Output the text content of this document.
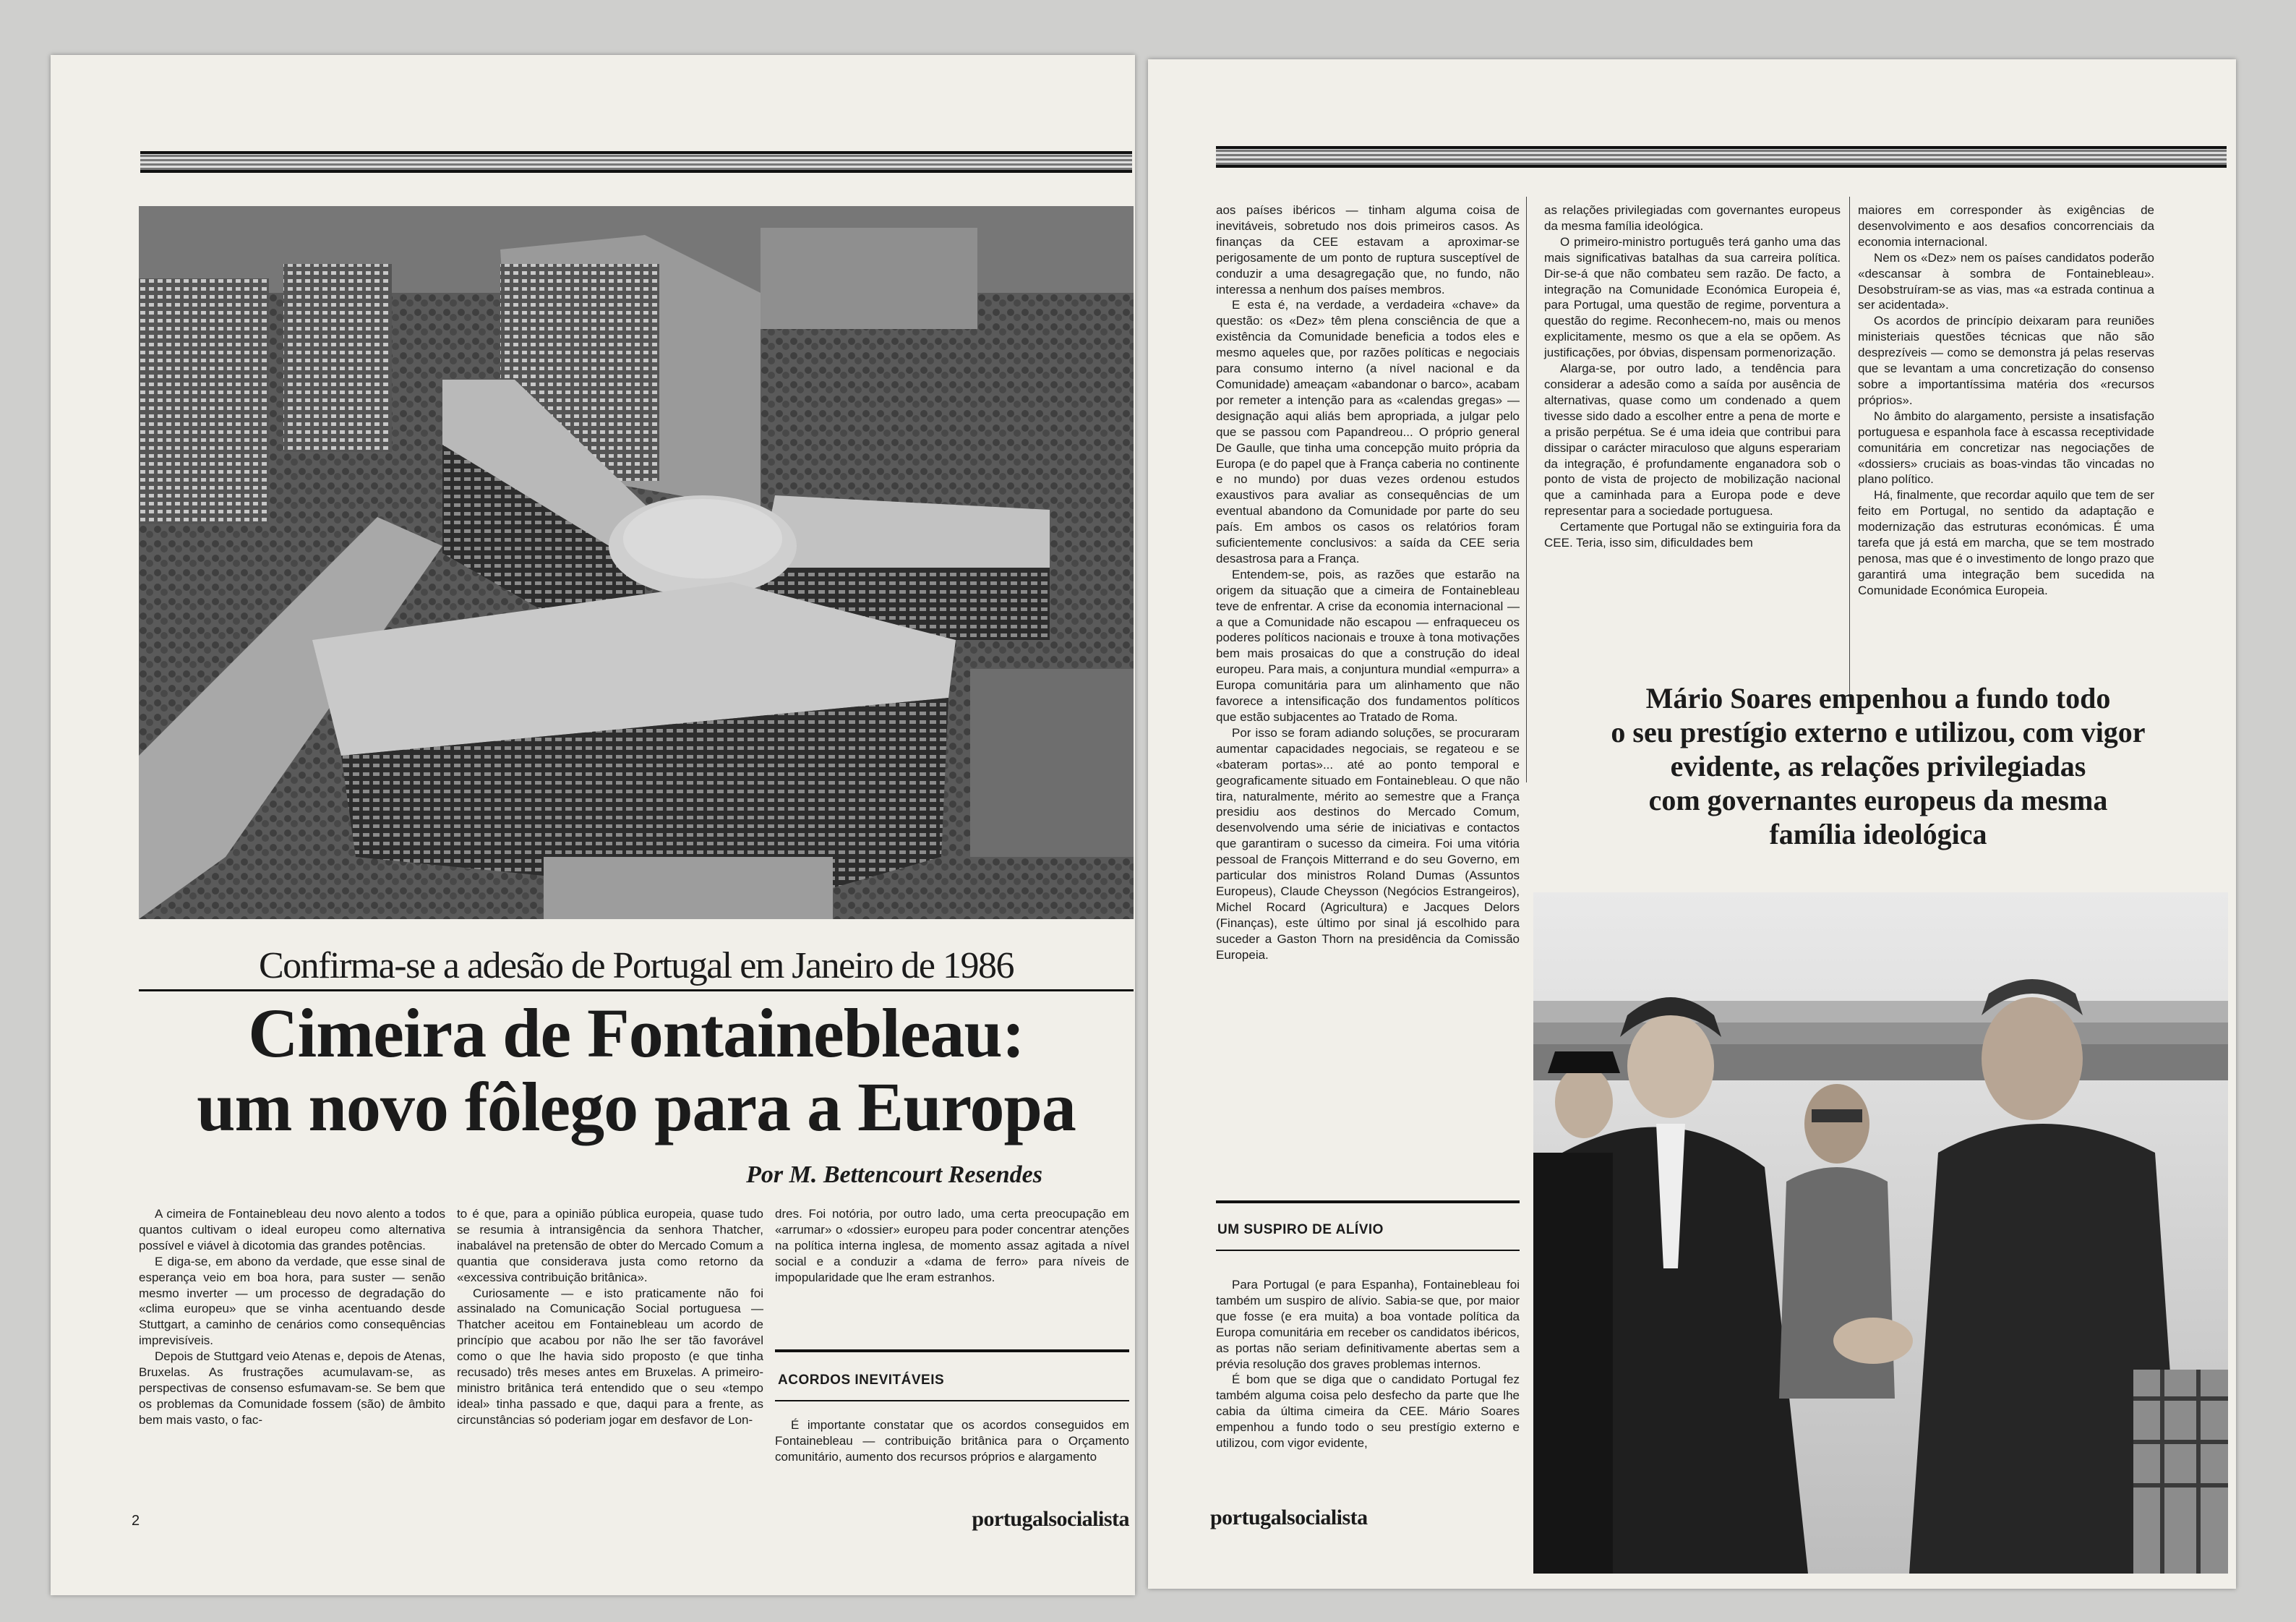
Confirma-se a adesão de Portugal em Janeiro de 1986
Cimeira de Fontainebleau:
um novo fôlego para a Europa
Por M. Bettencourt Resendes

A cimeira de Fontainebleau deu novo alento a todos quantos cultivam o ideal europeu como alternativa possível e viável à dicotomia das grandes potências.

E diga-se, em abono da verdade, que esse sinal de esperança veio em boa hora, para suster — senão mesmo inverter — um processo de degradação do «clima europeu» que se vinha acentuando desde Stuttgart, a caminho de cenários como consequências imprevisíveis.

Depois de Stuttgard veio Atenas e, depois de Atenas, Bruxelas. As frustrações acumulavam-se, as perspectivas de consenso esfumavam-se. Se bem que os problemas da Comunidade fossem (são) de âmbito bem mais vasto, o fac-

to é que, para a opinião pública europeia, quase tudo se resumia à intransigência da senhora Thatcher, inabalável na pretensão de obter do Mercado Comum a quantia que considerava justa como retorno da «excessiva contribuição britânica».

Curiosamente — e isto praticamente não foi assinalado na Comunicação Social portuguesa — Thatcher aceitou em Fontainebleau um acordo de princípio que acabou por não lhe ser tão favorável como o que lhe havia sido proposto (e que tinha recusado) três meses antes em Bruxelas. A primeiro-ministro britânica terá entendido que o seu «tempo ideal» tinha passado e que, daqui para a frente, as circunstâncias só poderiam jogar em desfavor de Lon-

dres. Foi notória, por outro lado, uma certa preocupação em «arrumar» o «dossier» europeu para poder concentrar atenções na política interna inglesa, de momento assaz agitada a nível social e a conduzir a «dama de ferro» para níveis de impopularidade que lhe eram estranhos.

ACORDOS INEVITÁVEIS

É importante constatar que os acordos conseguidos em Fontainebleau — contribuição britânica para o Orçamento comunitário, aumento dos recursos próprios e alargamento

2	portugalsocialista

aos países ibéricos — tinham alguma coisa de inevitáveis, sobretudo nos dois primeiros casos. As finanças da CEE estavam a aproximar-se perigosamente de um ponto de ruptura susceptível de conduzir a uma desagregação que, no fundo, não interessa a nenhum dos países membros.

E esta é, na verdade, a verdadeira «chave» da questão: os «Dez» têm plena consciência de que a existência da Comunidade beneficia a todos eles e mesmo aqueles que, por razões políticas e negociais para consumo interno (a nível nacional e da Comunidade) ameaçam «abandonar o barco», acabam por remeter a intenção para as «calendas gregas» — designação aqui aliás bem apropriada, a julgar pelo que se passou com Papandreou... O próprio general De Gaulle, que tinha uma concepção muito própria da Europa (e do papel que à França caberia no continente e no mundo) por duas vezes ordenou estudos exaustivos para avaliar as consequências de um eventual abandono da Comunidade por parte do seu país. Em ambos os casos os relatórios foram suficientemente conclusivos: a saída da CEE seria desastrosa para a França.

Entendem-se, pois, as razões que estarão na origem da situação que a cimeira de Fontainebleau teve de enfrentar. A crise da economia internacional — a que a Comunidade não escapou — enfraqueceu os poderes políticos nacionais e trouxe à tona motivações bem mais prosaicas do que a construção do ideal europeu. Para mais, a conjuntura mundial «empurra» a Europa comunitária para um alinhamento que não favorece a intensificação dos fundamentos políticos que estão subjacentes ao Tratado de Roma.

Por isso se foram adiando soluções, se procuraram aumentar capacidades negociais, se regateou e se «bateram portas»... até ao ponto temporal e geograficamente situado em Fontainebleau. O que não tira, naturalmente, mérito ao semestre que a França presidiu aos destinos do Mercado Comum, desenvolvendo uma série de iniciativas e contactos que garantiram o sucesso da cimeira. Foi uma vitória pessoal de François Mitterrand e do seu Governo, em particular dos ministros Roland Dumas (Assuntos Europeus), Claude Cheysson (Negócios Estrangeiros), Michel Rocard (Agricultura) e Jacques Delors (Finanças), este último por sinal já escolhido para suceder a Gaston Thorn na presidência da Comissão Europeia.

UM SUSPIRO DE ALÍVIO

Para Portugal (e para Espanha), Fontainebleau foi também um suspiro de alívio. Sabia-se que, por maior que fosse (e era muita) a boa vontade política da Europa comunitária em receber os candidatos ibéricos, as portas não seriam definitivamente abertas sem a prévia resolução dos graves problemas internos.

É bom que se diga que o candidato Portugal fez também alguma coisa pelo desfecho da parte que lhe cabia da última cimeira da CEE. Mário Soares empenhou a fundo todo o seu prestígio externo e utilizou, com vigor evidente,

as relações privilegiadas com governantes europeus da mesma família ideológica.

O primeiro-ministro português terá ganho uma das mais significativas batalhas da sua carreira política. Dir-se-á que não combateu sem razão. De facto, a integração na Comunidade Económica Europeia é, para Portugal, uma questão de regime, porventura a questão do regime. Reconhecem-no, mais ou menos explicitamente, mesmo os que a ela se opõem. As justificações, por óbvias, dispensam pormenorização.

Alarga-se, por outro lado, a tendência para considerar a adesão como a saída por ausência de alternativas, quase como um condenado a quem tivesse sido dado a escolher entre a pena de morte e a prisão perpétua. Se é uma ideia que contribui para dissipar o carácter miraculoso que alguns esperariam da integração, é profundamente enganadora sob o ponto de vista de projecto de mobilização nacional que a caminhada para a Europa pode e deve representar para a sociedade portuguesa.

Certamente que Portugal não se extinguiria fora da CEE. Teria, isso sim, dificuldades bem

maiores em corresponder às exigências de desenvolvimento e aos desafios concorrenciais da economia internacional.

Nem os «Dez» nem os países candidatos poderão «descansar à sombra de Fontainebleau». Desobstruíram-se as vias, mas «a estrada continua a ser acidentada».

Os acordos de princípio deixaram para reuniões ministeriais questões técnicas que não são desprezíveis — como se demonstra já pelas reservas que se levantam a uma concretização do consenso sobre a importantíssima matéria dos «recursos próprios».

No âmbito do alargamento, persiste a insatisfação portuguesa e espanhola face à escassa receptividade comunitária em concretizar nas negociações de «dossiers» cruciais as boas-vindas tão vincadas no plano político.

Há, finalmente, que recordar aquilo que tem de ser feito em Portugal, no sentido da adaptação e modernização das estruturas económicas. É uma tarefa que já está em marcha, que se tem mostrado penosa, mas que é o investimento de longo prazo que garantirá uma integração bem sucedida na Comunidade Económica Europeia.

Mário Soares empenhou a fundo todo
o seu prestígio externo e utilizou, com vigor
evidente, as relações privilegiadas
com governantes europeus da mesma
família ideológica
portugalsocialista
